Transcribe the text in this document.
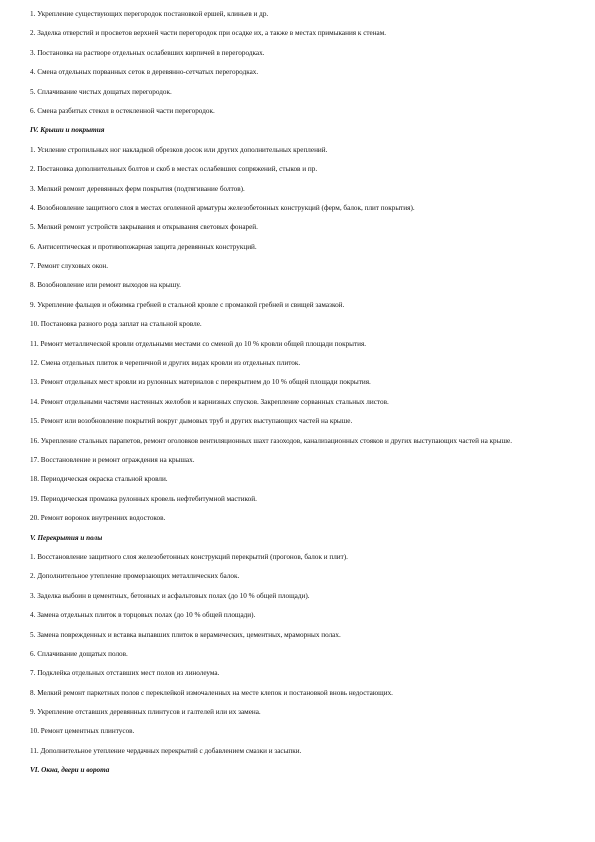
1. Укрепление существующих перегородок постановкой ершей, клиньев и др.

2. Заделка отверстий и просветов верхней части перегородок при осадке их, а также в местах примыкания к стенам.

3. Постановка на растворе отдельных ослабевших кирпичей в перегородках.

4. Смена отдельных порванных сеток в деревянно-сетчатых перегородках.

5. Сплачивание чистых дощатых перегородок.

6. Смена разбитых стекол в остекленной части перегородок.

IV. Крыши и покрытия

1. Усиление стропильных ног накладкой обрезков досок или других дополнительных креплений.

2. Постановка дополнительных болтов и скоб в местах ослабевших сопряжений, стыков и пр.

3. Мелкий ремонт деревянных ферм покрытия (подтягивание болтов).

4. Возобновление защитного слоя в местах оголенной арматуры железобетонных конструкций (ферм, балок, плит покрытия).

5. Мелкий ремонт устройств закрывания и открывания световых фонарей.

6. Антисептическая и противопожарная защита деревянных конструкций.

7. Ремонт слуховых окон.

8. Возобновление или ремонт выходов на крышу.

9. Укрепление фальцев и обжимка гребней в стальной кровле с промазкой гребней и свищей замазкой.

10. Постановка разного рода заплат на стальной кровле.

11. Ремонт металлической кровли отдельными местами со сменой до 10 % кровли общей площади покрытия.

12. Смена отдельных плиток в черепичной и других видах кровли из отдельных плиток.

13. Ремонт отдельных мест кровли из рулонных материалов с перекрытием до 10 % общей площади покрытия.

14. Ремонт отдельными частями настенных желобов и карнизных спусков. Закрепление сорванных стальных листов.

15. Ремонт или возобновление покрытий вокруг дымовых труб и других выступающих частей на крыше.

16. Укрепление стальных парапетов, ремонт оголовков вентиляционных шахт газоходов, канализационных стояков и других выступающих частей на крыше.

17. Восстановление и ремонт ограждения на крышах.

18. Периодическая окраска стальной кровли.

19. Периодическая промазка рулонных кровель нефтебитумной мастикой.

20. Ремонт воронок внутренних водостоков.

V. Перекрытия и полы

1. Восстановление защитного слоя железобетонных конструкций перекрытий (прогонов, балок и плит).

2. Дополнительное утепление промерзающих металлических балок.

3. Заделка выбоин в цементных, бетонных и асфальтовых полах (до 10 % общей площади).

4. Замена отдельных плиток в торцовых полах (до 10 % общей площади).

5. Замена поврежденных и вставка выпавших плиток в керамических, цементных, мраморных полах.

6. Сплачивание дощатых полов.

7. Подклейка отдельных отставших мест полов из линолеума.

8. Мелкий ремонт паркетных полов с переклейкой измочаленных на месте клепок и постановкой вновь недостающих.

9. Укрепление отставших деревянных плинтусов и галтелей или их замена.

10. Ремонт цементных плинтусов.

11. Дополнительное утепление чердачных перекрытий с добавлением смазки и засыпки.

VI. Окна, двери и ворота
